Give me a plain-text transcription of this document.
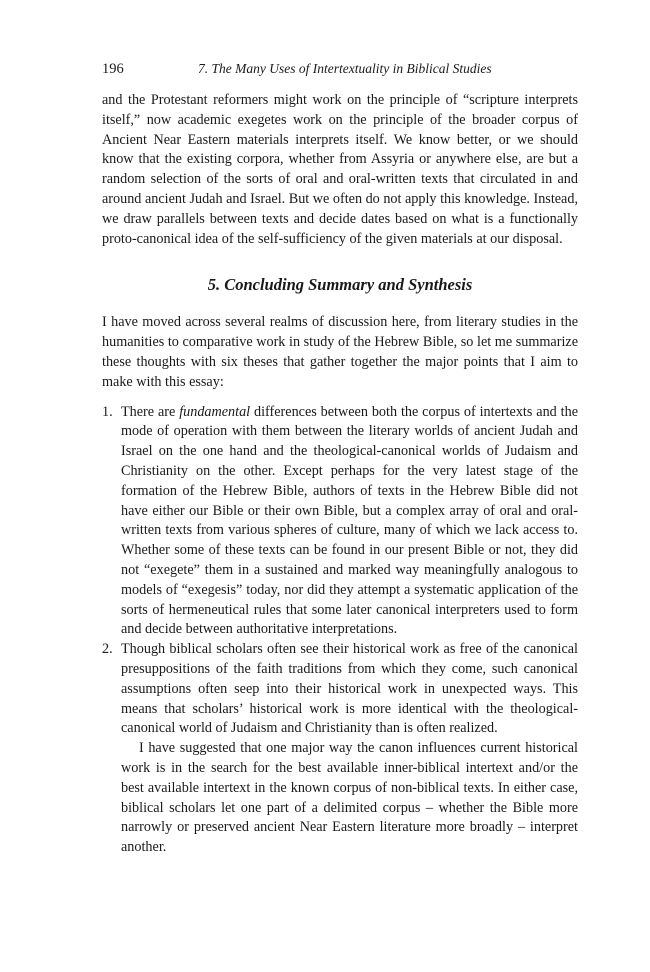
196	7. The Many Uses of Intertextuality in Biblical Studies

and the Protestant reformers might work on the principle of “scripture interprets itself,” now academic exegetes work on the principle of the broader corpus of Ancient Near Eastern materials interprets itself. We know better, or we should know that the existing corpora, whether from Assyria or anywhere else, are but a random selection of the sorts of oral and oral-written texts that circulated in and around ancient Judah and Israel. But we often do not apply this knowledge. Instead, we draw parallels between texts and decide dates based on what is a functionally proto-canonical idea of the self-sufficiency of the given materials at our disposal.

5. Concluding Summary and Synthesis

I have moved across several realms of discussion here, from literary studies in the humanities to comparative work in study of the Hebrew Bible, so let me summarize these thoughts with six theses that gather together the major points that I aim to make with this essay:

1. There are fundamental differences between both the corpus of intertexts and the mode of operation with them between the literary worlds of ancient Judah and Israel on the one hand and the theological-canonical worlds of Judaism and Christianity on the other. Except perhaps for the very latest stage of the formation of the Hebrew Bible, authors of texts in the Hebrew Bible did not have either our Bible or their own Bible, but a complex array of oral and oral-written texts from various spheres of culture, many of which we lack access to. Whether some of these texts can be found in our present Bible or not, they did not “exegete” them in a sustained and marked way meaningfully analogous to models of “exegesis” today, nor did they attempt a systematic application of the sorts of hermeneutical rules that some later canonical interpreters used to form and decide between authoritative interpretations.

2. Though biblical scholars often see their historical work as free of the canonical presuppositions of the faith traditions from which they come, such canonical assumptions often seep into their historical work in unexpected ways. This means that scholars’ historical work is more identical with the theological-canonical world of Judaism and Christianity than is often realized.

I have suggested that one major way the canon influences current historical work is in the search for the best available inner-biblical intertext and/or the best available intertext in the known corpus of non-biblical texts. In either case, biblical scholars let one part of a delimited corpus – whether the Bible more narrowly or preserved ancient Near Eastern literature more broadly – interpret another.
